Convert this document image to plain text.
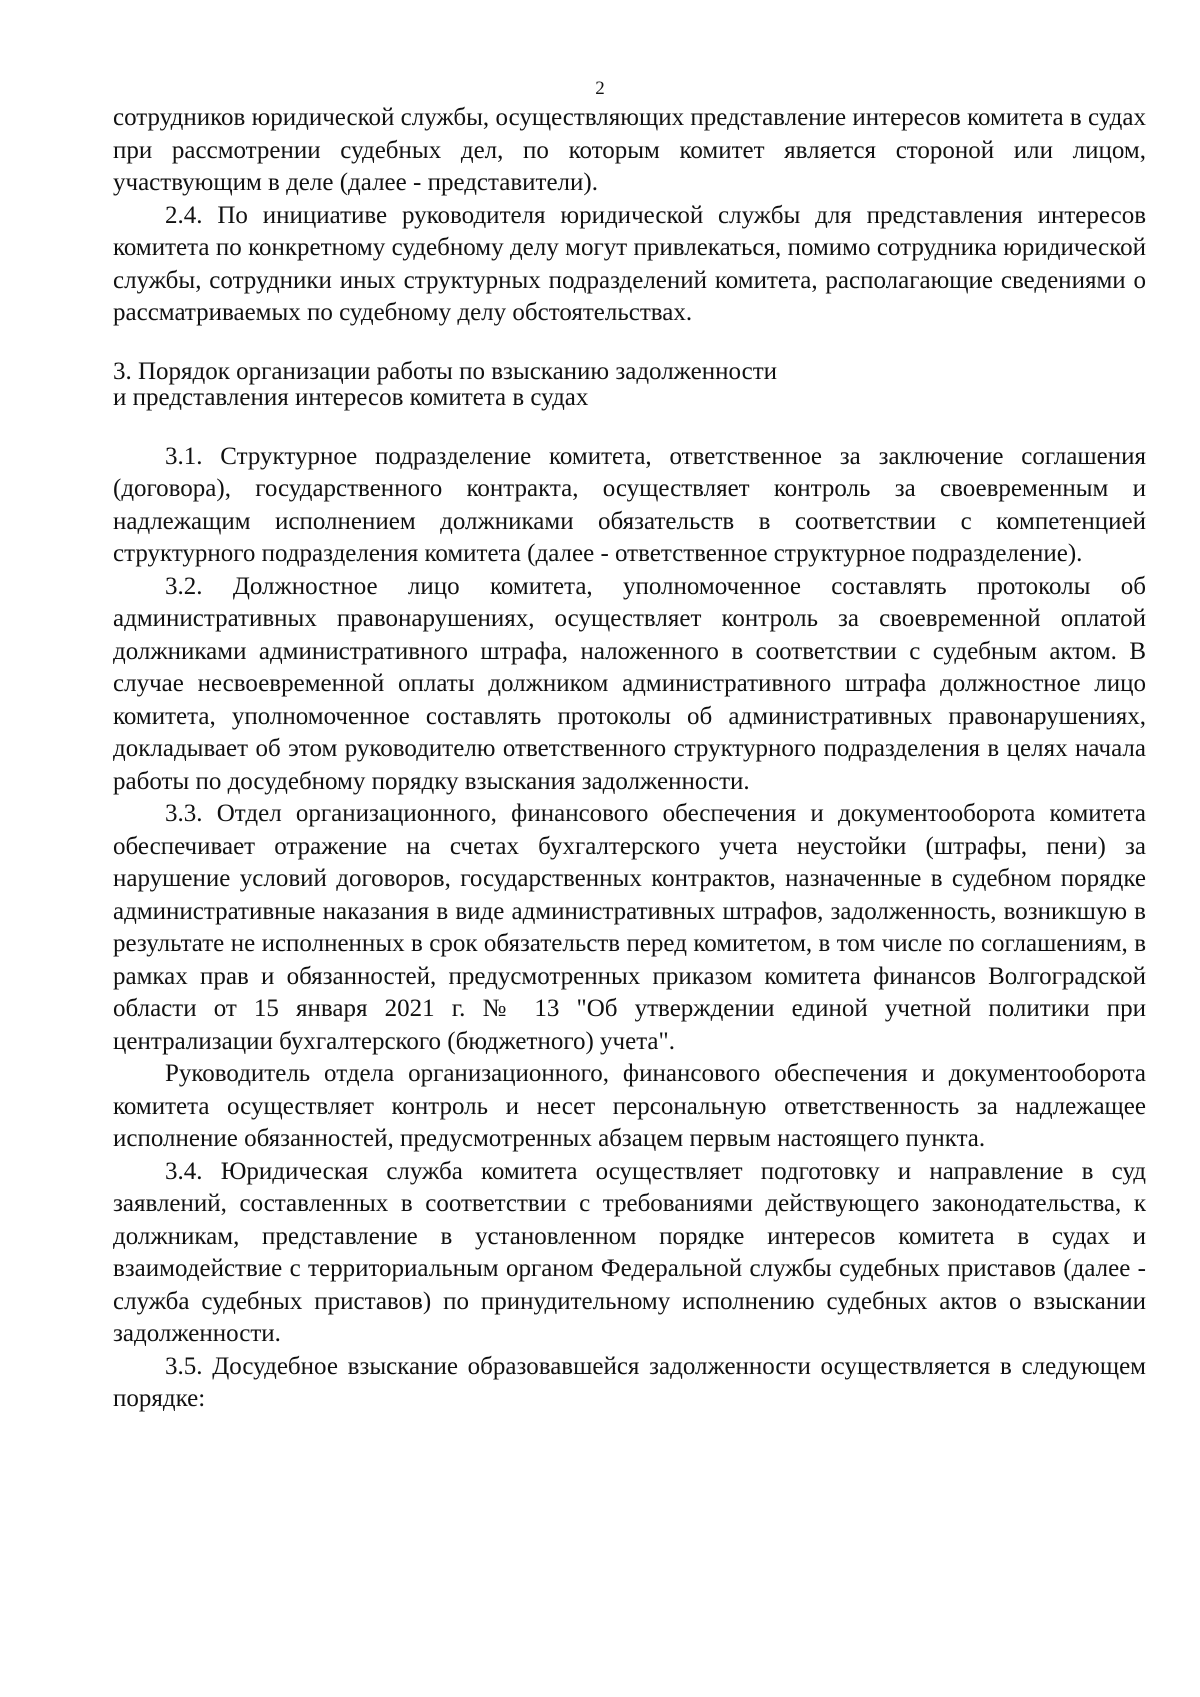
2

сотрудников юридической службы, осуществляющих представление интересов комитета в судах при рассмотрении судебных дел, по которым комитет является стороной или лицом, участвующим в деле (далее - представители).

2.4. По инициативе руководителя юридической службы для представления интересов комитета по конкретному судебному делу могут привлекаться, помимо сотрудника юридической службы, сотрудники иных структурных подразделений комитета, располагающие сведениями о рассматриваемых по судебному делу обстоятельствах.

3. Порядок организации работы по взысканию задолженности
и представления интересов комитета в судах

3.1. Структурное подразделение комитета, ответственное за заключение соглашения (договора), государственного контракта, осуществляет контроль за своевременным и надлежащим исполнением должниками обязательств в соответствии с компетенцией структурного подразделения комитета (далее - ответственное структурное подразделение).

3.2. Должностное лицо комитета, уполномоченное составлять протоколы об административных правонарушениях, осуществляет контроль за своевременной оплатой должниками административного штрафа, наложенного в соответствии с судебным актом. В случае несвоевременной оплаты должником административного штрафа должностное лицо комитета, уполномоченное составлять протоколы об административных правонарушениях, докладывает об этом руководителю ответственного структурного подразделения в целях начала работы по досудебному порядку взыскания задолженности.

3.3. Отдел организационного, финансового обеспечения и документооборота комитета обеспечивает отражение на счетах бухгалтерского учета неустойки (штрафы, пени) за нарушение условий договоров, государственных контрактов, назначенные в судебном порядке административные наказания в виде административных штрафов, задолженность, возникшую в результате не исполненных в срок обязательств перед комитетом, в том числе по соглашениям, в рамках прав и обязанностей, предусмотренных приказом комитета финансов Волгоградской области от 15 января 2021 г. № 13 "Об утверждении единой учетной политики при централизации бухгалтерского (бюджетного) учета".

Руководитель отдела организационного, финансового обеспечения и документооборота комитета осуществляет контроль и несет персональную ответственность за надлежащее исполнение обязанностей, предусмотренных абзацем первым настоящего пункта.

3.4. Юридическая служба комитета осуществляет подготовку и направление в суд заявлений, составленных в соответствии с требованиями действующего законодательства, к должникам, представление в установленном порядке интересов комитета в судах и взаимодействие с территориальным органом Федеральной службы судебных приставов (далее - служба судебных приставов) по принудительному исполнению судебных актов о взыскании задолженности.

3.5. Досудебное взыскание образовавшейся задолженности осуществляется в следующем порядке:
